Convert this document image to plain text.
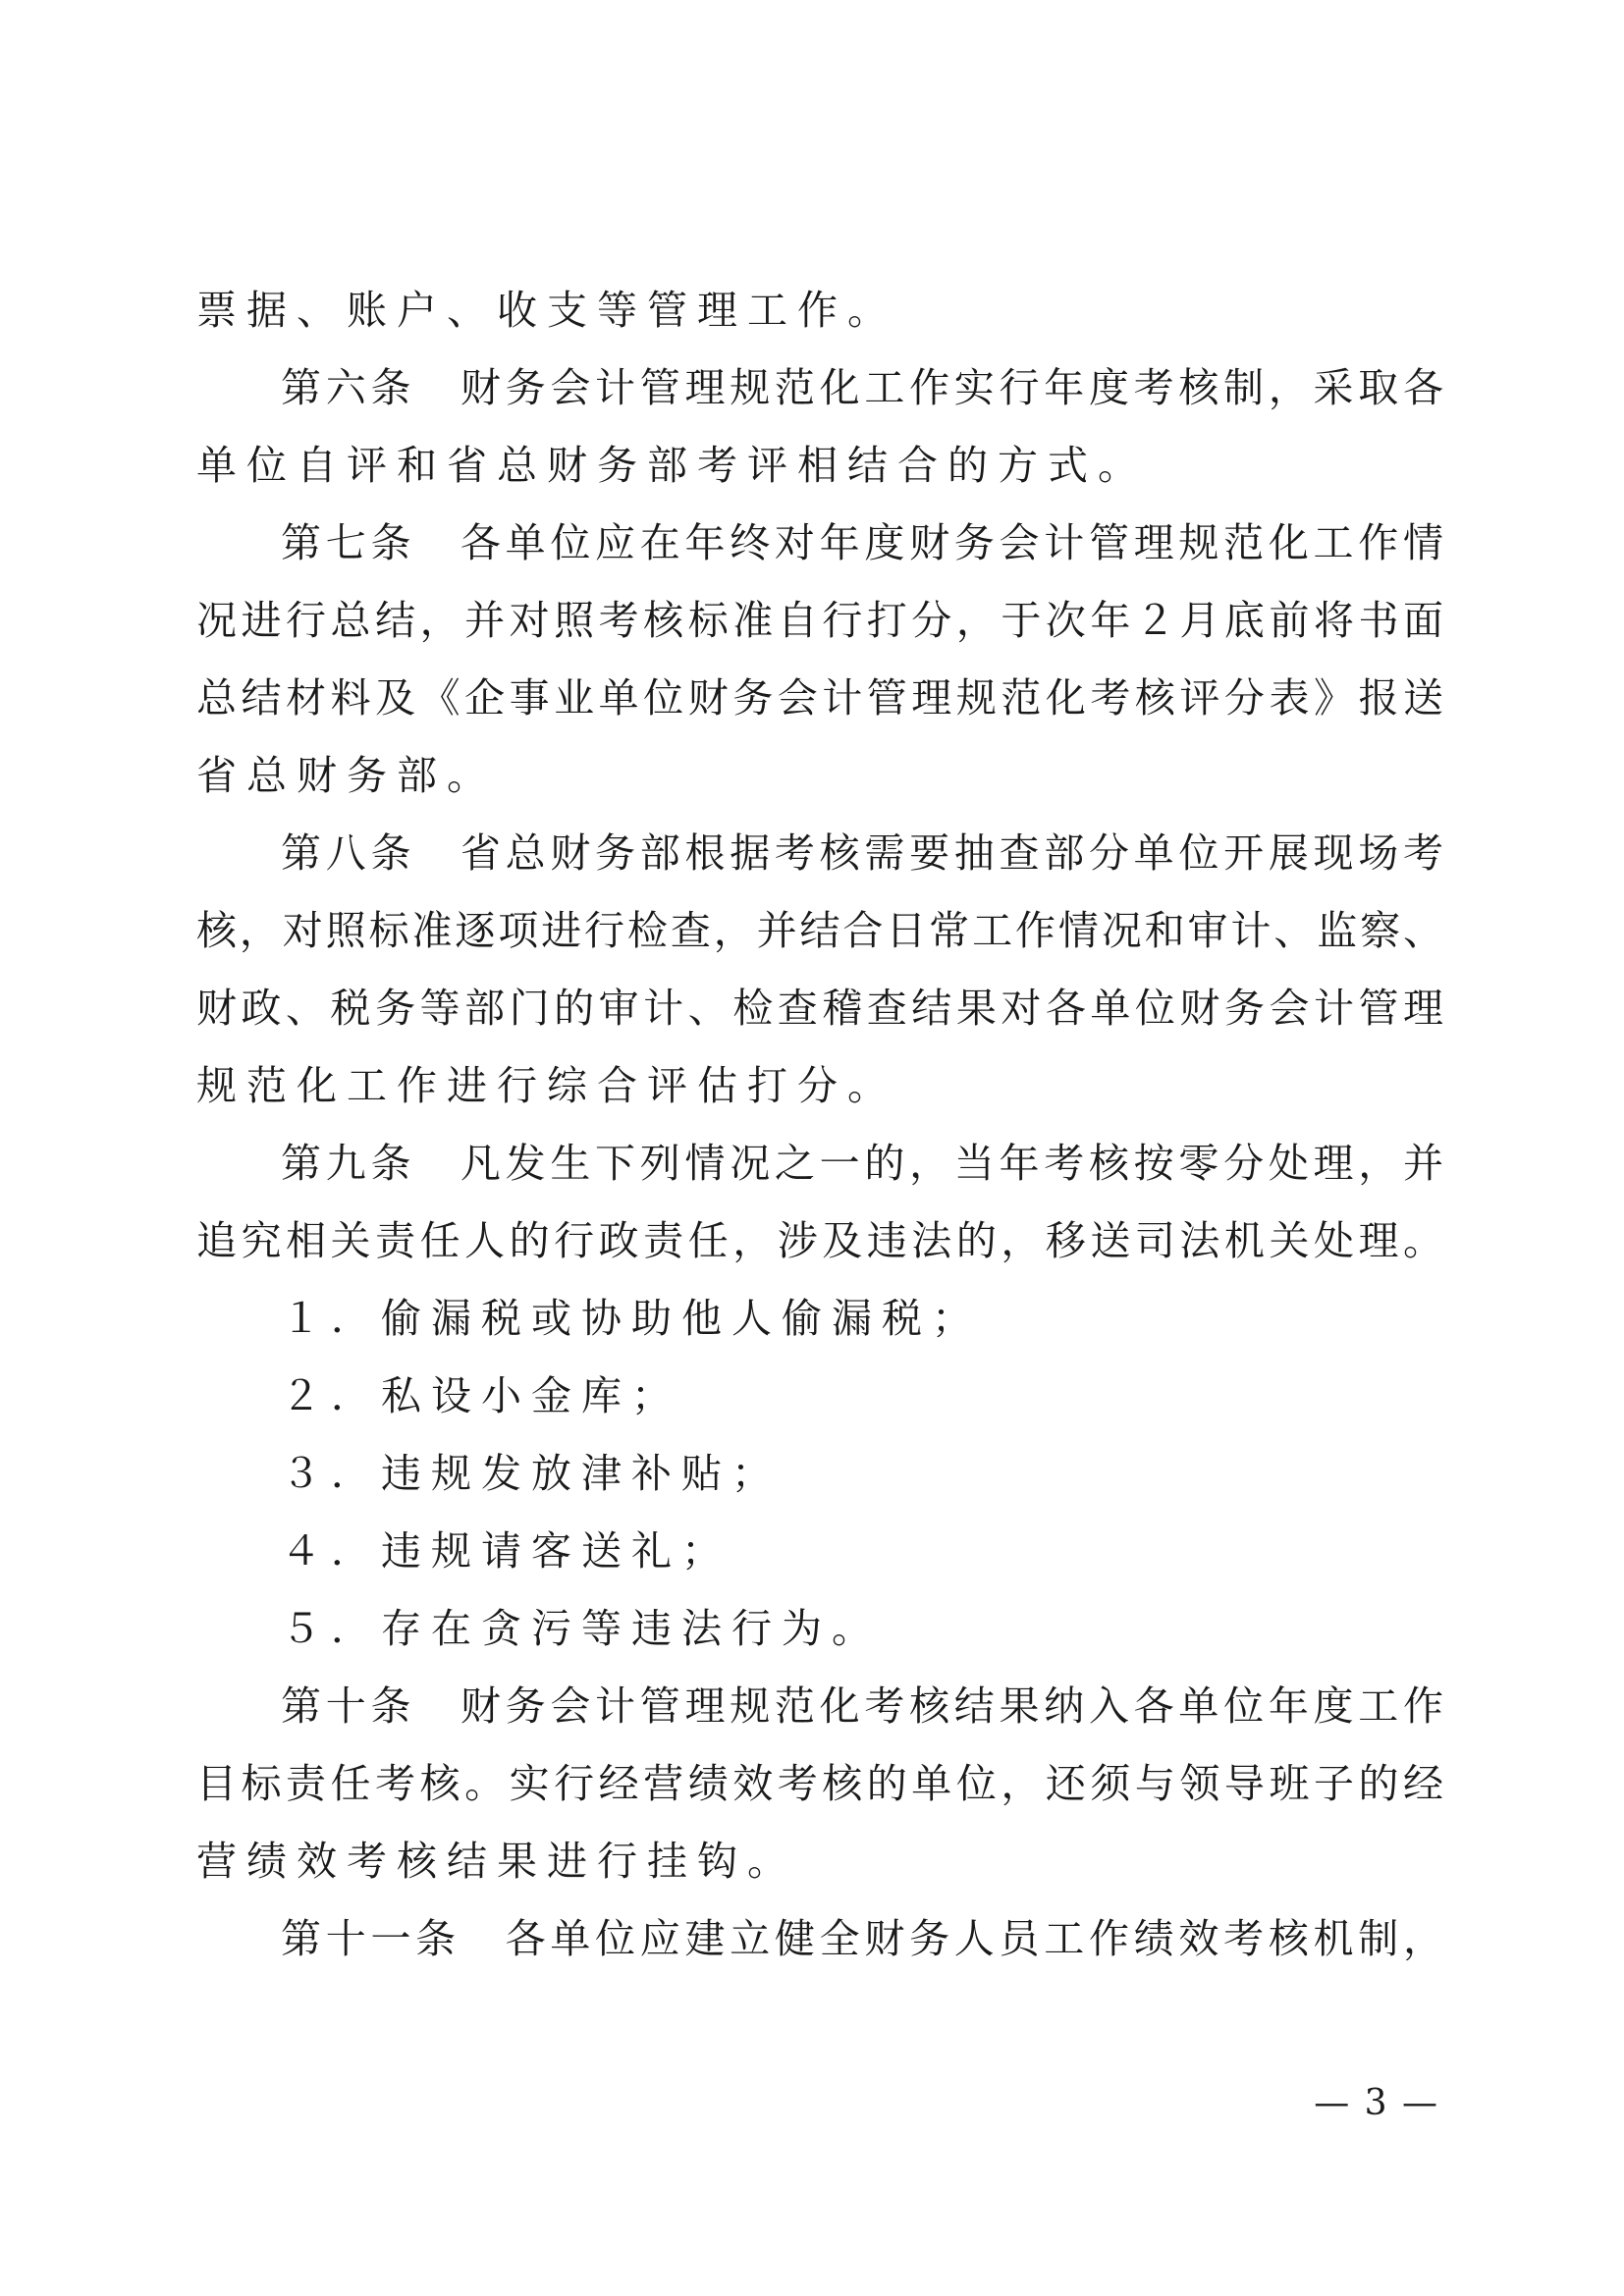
票据、账户、收支等管理工作。
第六条　财务会计管理规范化工作实行年度考核制，采取各
单位自评和省总财务部考评相结合的方式。
第七条　各单位应在年终对年度财务会计管理规范化工作情
况进行总结，并对照考核标准自行打分，于次年２月底前将书面
总结材料及《企事业单位财务会计管理规范化考核评分表》报送
省总财务部。
第八条　省总财务部根据考核需要抽查部分单位开展现场考
核，对照标准逐项进行检查，并结合日常工作情况和审计、监察、
财政、税务等部门的审计、检查稽查结果对各单位财务会计管理
规范化工作进行综合评估打分。
第九条　凡发生下列情况之一的，当年考核按零分处理，并
追究相关责任人的行政责任，涉及违法的，移送司法机关处理。
１．偷漏税或协助他人偷漏税；
２．私设小金库；
３．违规发放津补贴；
４．违规请客送礼；
５．存在贪污等违法行为。
第十条　财务会计管理规范化考核结果纳入各单位年度工作
目标责任考核。实行经营绩效考核的单位，还须与领导班子的经
营绩效考核结果进行挂钩。
第十一条　各单位应建立健全财务人员工作绩效考核机制，
— 3 —
